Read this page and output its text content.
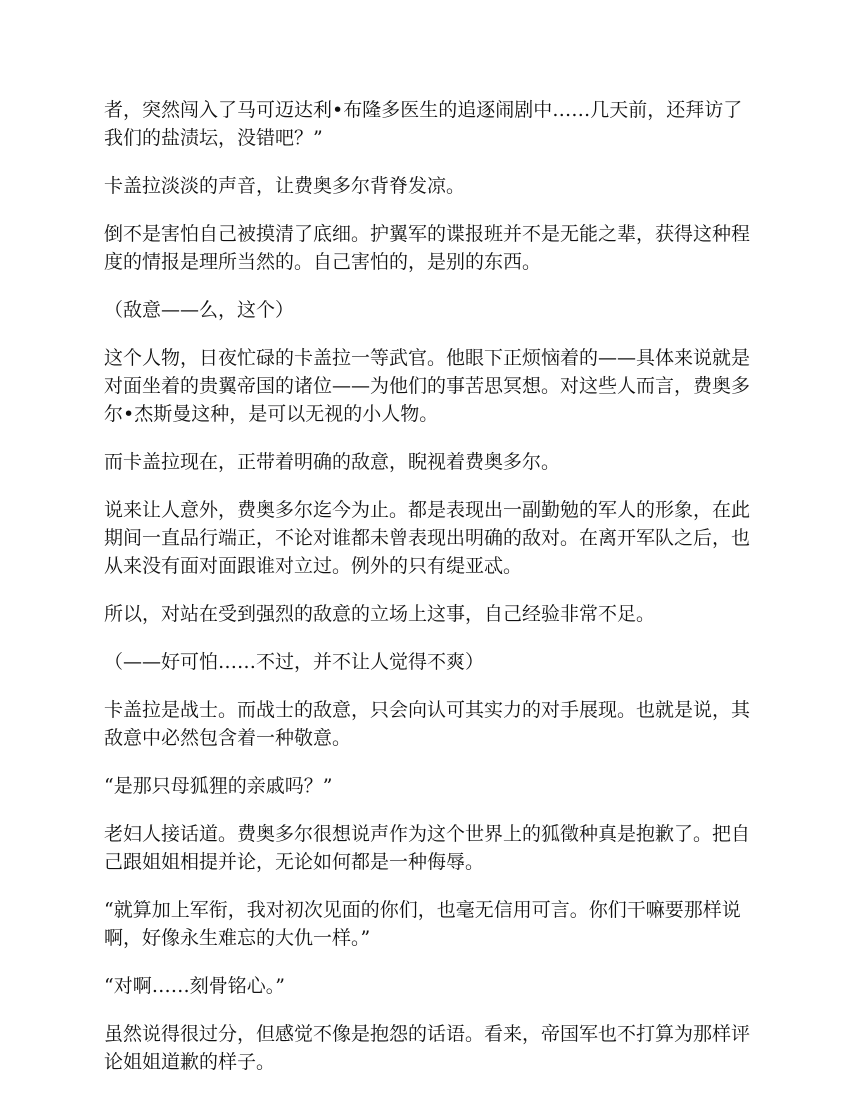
者，突然闯入了马可迈达利•布隆多医生的追逐闹剧中……几天前，还拜访了我们的盐渍坛，没错吧？”

卡盖拉淡淡的声音，让费奥多尔背脊发凉。

倒不是害怕自己被摸清了底细。护翼军的谍报班并不是无能之辈，获得这种程度的情报是理所当然的。自己害怕的，是别的东西。

（敌意——么，这个）

这个人物，日夜忙碌的卡盖拉一等武官。他眼下正烦恼着的——具体来说就是对面坐着的贵翼帝国的诸位——为他们的事苦思冥想。对这些人而言，费奥多尔•杰斯曼这种，是可以无视的小人物。

而卡盖拉现在，正带着明确的敌意，睨视着费奥多尔。

说来让人意外，费奥多尔迄今为止。都是表现出一副勤勉的军人的形象，在此期间一直品行端正，不论对谁都未曾表现出明确的敌对。在离开军队之后，也从来没有面对面跟谁对立过。例外的只有缇亚忒。

所以，对站在受到强烈的敌意的立场上这事，自己经验非常不足。

（——好可怕……不过，并不让人觉得不爽）

卡盖拉是战士。而战士的敌意，只会向认可其实力的对手展现。也就是说，其敌意中必然包含着一种敬意。

“是那只母狐狸的亲戚吗？”

老妇人接话道。费奥多尔很想说声作为这个世界上的狐徵种真是抱歉了。把自己跟姐姐相提并论，无论如何都是一种侮辱。

“就算加上军衔，我对初次见面的你们，也毫无信用可言。你们干嘛要那样说啊，好像永生难忘的大仇一样。”

“对啊……刻骨铭心。”

虽然说得很过分，但感觉不像是抱怨的话语。看来，帝国军也不打算为那样评论姐姐道歉的样子。
